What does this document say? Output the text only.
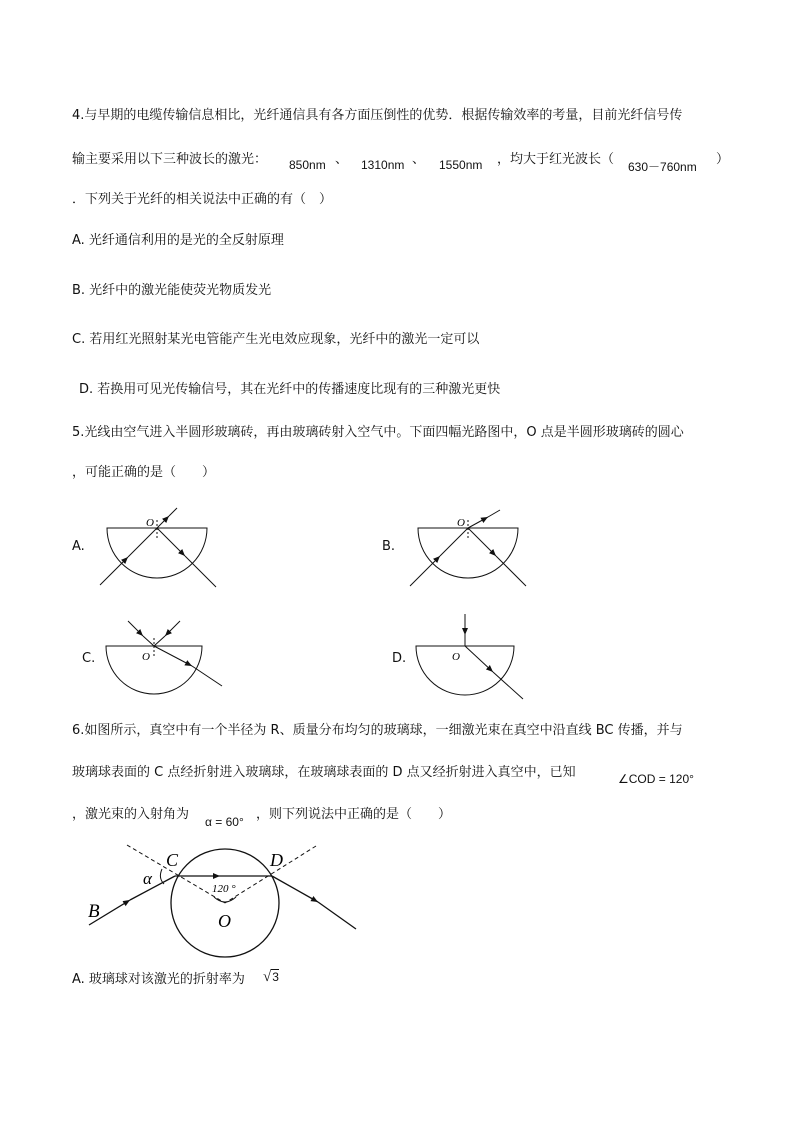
4.与早期的电缆传输信息相比，光纤通信具有各方面压倒性的优势．根据传输效率的考量，目前光纤信号传
输主要采用以下三种波长的激光： 850nm 、 1310nm 、 1550nm ，均大于红光波长（ 630－760nm ）
．下列关于光纤的相关说法中正确的有（　）
A. 光纤通信利用的是光的全反射原理
B. 光纤中的激光能使荧光物质发光
C. 若用红光照射某光电管能产生光电效应现象，光纤中的激光一定可以
D. 若换用可见光传输信号，其在光纤中的传播速度比现有的三种激光更快
5.光线由空气进入半圆形玻璃砖，再由玻璃砖射入空气中。下面四幅光路图中，O 点是半圆形玻璃砖的圆心
，可能正确的是（　　）
A.	B.
C.	D.
O	O
O	O
B
C	D
O
α
120 °
6.如图所示，真空中有一个半径为 R、质量分布均匀的玻璃球，一细激光束在真空中沿直线 BC 传播，并与
玻璃球表面的 C 点经折射进入玻璃球，在玻璃球表面的 D 点又经折射进入真空中，已知	∠COD = 120°
，激光束的入射角为 α = 60° ，则下列说法中正确的是（　　）
A. 玻璃球对该激光的折射率为 √3
